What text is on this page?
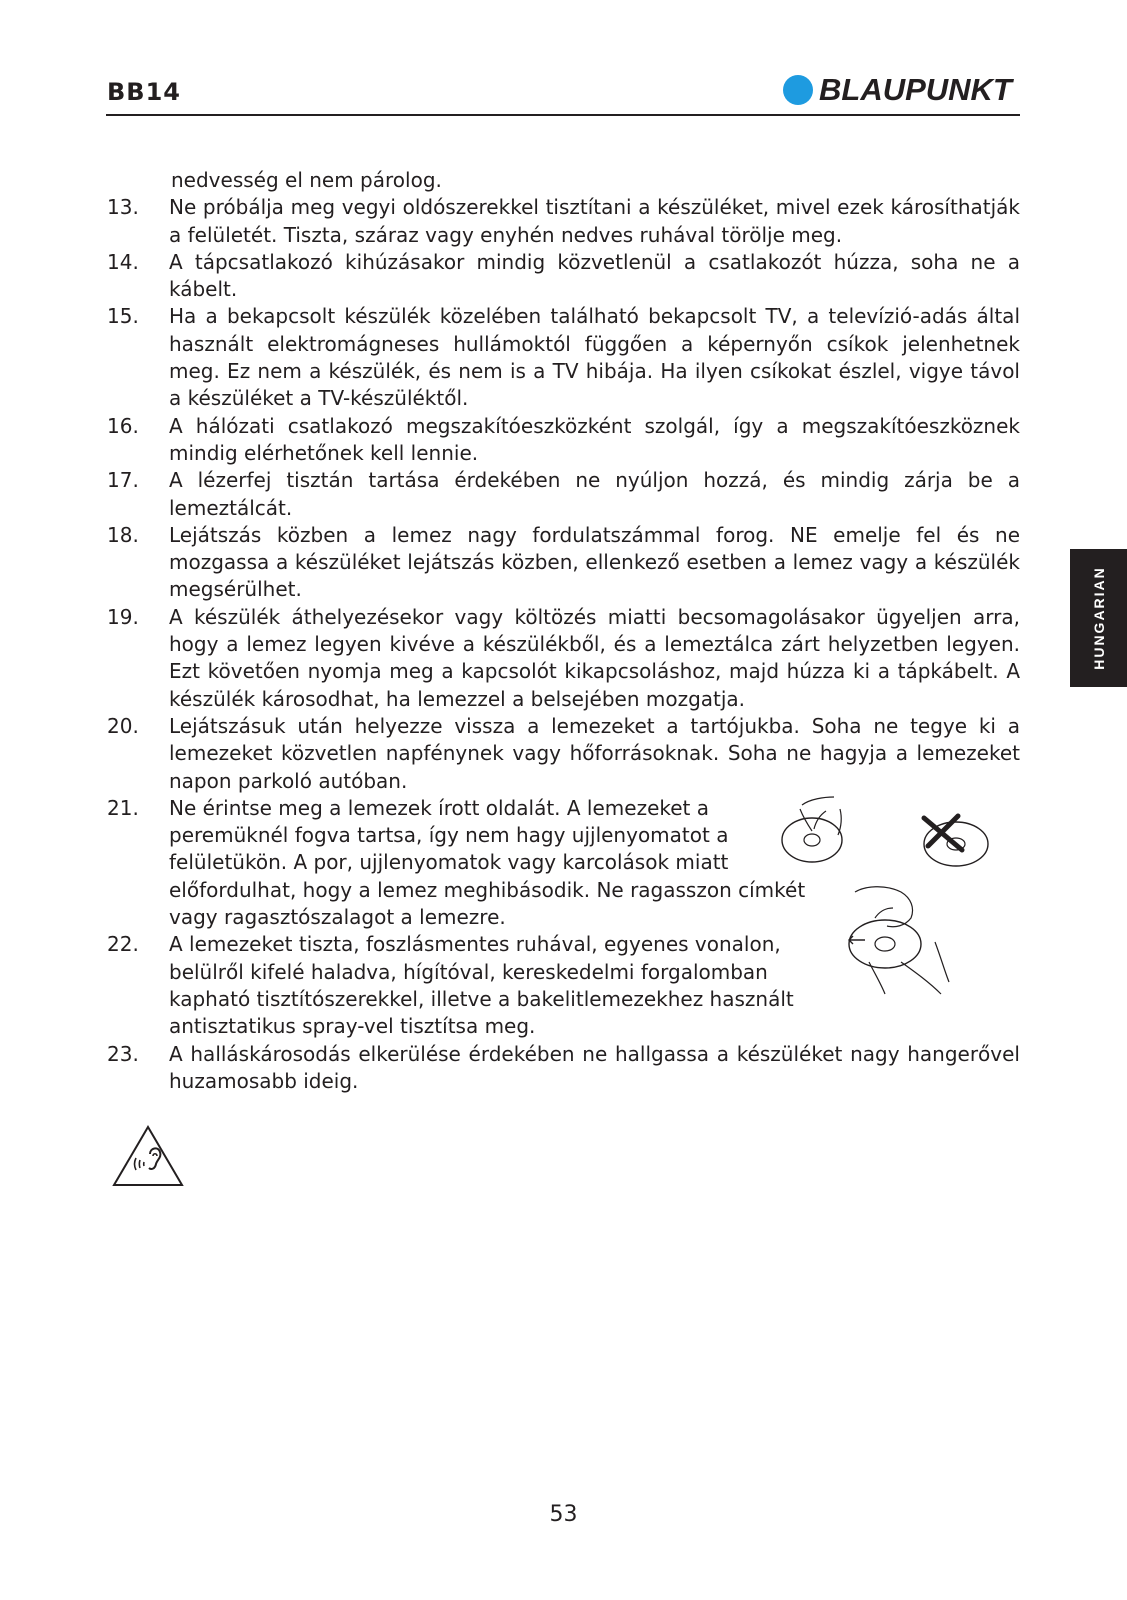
BB14	BLAUPUNKT
HUNGARIAN
nedvesség el nem párolog.
13.	Ne próbálja meg vegyi oldószerekkel tisztítani a készüléket, mivel ezek károsíthatják a felületét. Tiszta, száraz vagy enyhén nedves ruhával törölje meg.
14.	A tápcsatlakozó kihúzásakor mindig közvetlenül a csatlakozót húzza, soha ne a kábelt.
15.	Ha a bekapcsolt készülék közelében található bekapcsolt TV, a televízió-adás által használt elektromágneses hullámoktól függően a képernyőn csíkok jelenhetnek meg. Ez nem a készülék, és nem is a TV hibája. Ha ilyen csíkokat észlel, vigye távol a készüléket a TV-készüléktől.
16.	A hálózati csatlakozó megszakítóeszközként szolgál, így a megszakítóeszköznek mindig elérhetőnek kell lennie.
17.	A lézerfej tisztán tartása érdekében ne nyúljon hozzá, és mindig zárja be a lemeztálcát.
18.	Lejátszás közben a lemez nagy fordulatszámmal forog. NE emelje fel és ne mozgassa a készüléket lejátszás közben, ellenkező esetben a lemez vagy a készülék megsérülhet.
19.	A készülék áthelyezésekor vagy költözés miatti becsomagolásakor ügyeljen arra, hogy a lemez legyen kivéve a készülékből, és a lemeztálca zárt helyzetben legyen. Ezt követően nyomja meg a kapcsolót kikapcsoláshoz, majd húzza ki a tápkábelt. A készülék károsodhat, ha lemezzel a belsejében mozgatja.
20.	Lejátszásuk után helyezze vissza a lemezeket a tartójukba. Soha ne tegye ki a lemezeket közvetlen napfénynek vagy hőforrásoknak. Soha ne hagyja a lemezeket napon parkoló autóban.
21.	Ne érintse meg a lemezek írott oldalát. A lemezeket a peremüknél fogva tartsa, így nem hagy ujjlenyomatot a felületükön. A por, ujjlenyomatok vagy karcolások miatt előfordulhat, hogy a lemez meghibásodik. Ne ragasszon címkét vagy ragasztószalagot a lemezre.
22.	A lemezeket tiszta, foszlásmentes ruhával, egyenes vonalon, belülről kifelé haladva, hígítóval, kereskedelmi forgalomban kapható tisztítószerekkel, illetve a bakelitlemezekhez használt antisztatikus spray-vel tisztítsa meg.
23.	A halláskárosodás elkerülése érdekében ne hallgassa a készüléket nagy hangerővel huzamosabb ideig.
53
